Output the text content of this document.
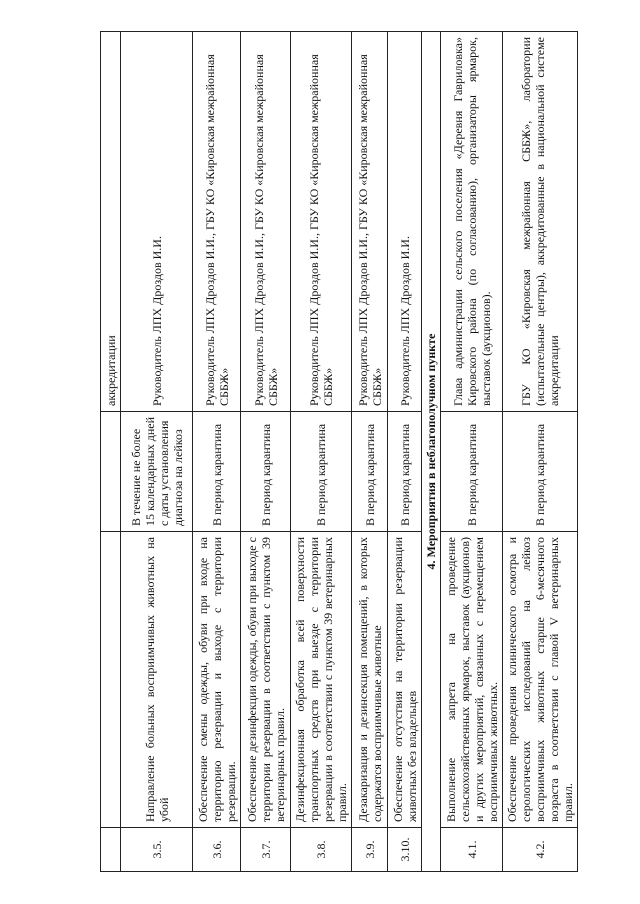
			аккредитации
3.5.	Направление больных восприимчивых животных на убой	В течение не более 15 календарных дней с даты установления диагноза на лейкоз	Руководитель ЛПХ Дроздов И.И.
3.6.	Обеспечение смены одежды, обуви при входе на территорию резервации и выходе с территории резервации.	В период карантина	Руководитель ЛПХ Дроздов И.И., ГБУ КО «Кировская межрайонная СББЖ»
3.7.	Обеспечение дезинфекции одежды, обуви при выходе с территории резервации в соответствии с пунктом 39 ветеринарных правил.	В период карантина	Руководитель ЛПХ Дроздов И.И., ГБУ КО «Кировская межрайонная СББЖ»
3.8.	Дезинфекционная обработка всей поверхности транспортных средств при выезде с территории резервации в соответствии с пунктом 39 ветеринарных правил.	В период карантина	Руководитель ЛПХ Дроздов И.И., ГБУ КО «Кировская межрайонная СББЖ»
3.9.	Дезакаризация и дезинсекция помещений, в которых содержатся восприимчивые животные	В период карантина	Руководитель ЛПХ Дроздов И.И., ГБУ КО «Кировская межрайонная СББЖ»
3.10.	Обеспечение отсутствия на территории резервации животных без владельцев	В период карантина	Руководитель ЛПХ Дроздов И.И.
4. Мероприятия в неблагополучном пункте			
4.1.	Выполнение запрета на проведение сельскохозяйственных ярмарок, выставок (аукционов) и других мероприятий, связанных с перемещением восприимчивых животных.	В период карантина	Глава администрации сельского поселения «Деревня Гавриловка» Кировского района (по согласованию), организаторы ярмарок, выставок (аукционов).
4.2.	Обеспечение проведения клинического осмотра и серологических исследований на лейкоз восприимчивых животных старше 6-месячного возраста в соответствии с главой V ветеринарных правил.	В период карантина	ГБУ КО «Кировская межрайонная СББЖ», лаборатории (испытательные центры), аккредитованные в национальной системе аккредитации
